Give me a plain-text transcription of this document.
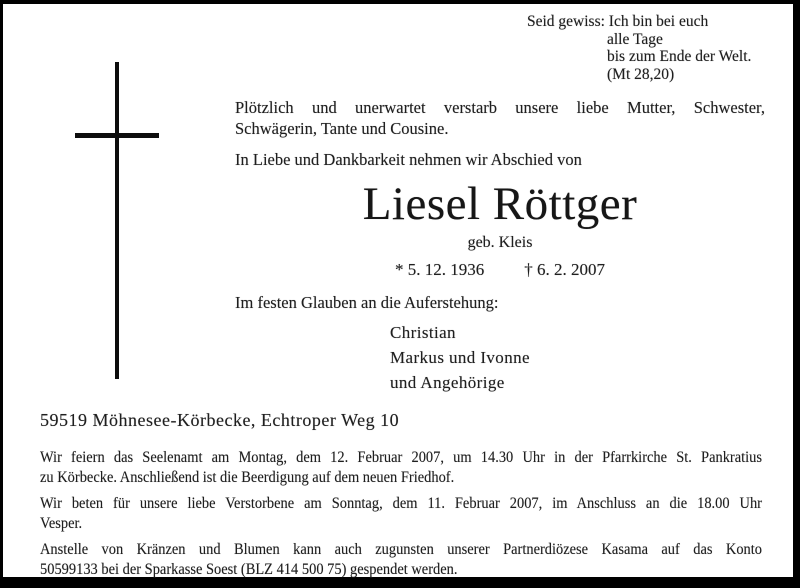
Seid gewiss: Ich bin bei euch
alle Tage
bis zum Ende der Welt.
(Mt 28,20)
Plötzlich und unerwartet verstarb unsere liebe Mutter, Schwester,
Schwägerin, Tante und Cousine.
In Liebe und Dankbarkeit nehmen wir Abschied von
Liesel Röttger
geb. Kleis
* 5. 12. 1936 † 6. 2. 2007
Im festen Glauben an die Auferstehung:
Christian
Markus und Ivonne
und Angehörige
59519 Möhnesee-Körbecke, Echtroper Weg 10

Wir feiern das Seelenamt am Montag, dem 12. Februar 2007, um 14.30 Uhr in der Pfarrkirche St. Pankratius
zu Körbecke. Anschließend ist die Beerdigung auf dem neuen Friedhof.

Wir beten für unsere liebe Verstorbene am Sonntag, dem 11. Februar 2007, im Anschluss an die 18.00 Uhr
Vesper.

Anstelle von Kränzen und Blumen kann auch zugunsten unserer Partnerdiözese Kasama auf das Konto
50599133 bei der Sparkasse Soest (BLZ 414 500 75) gespendet werden.
